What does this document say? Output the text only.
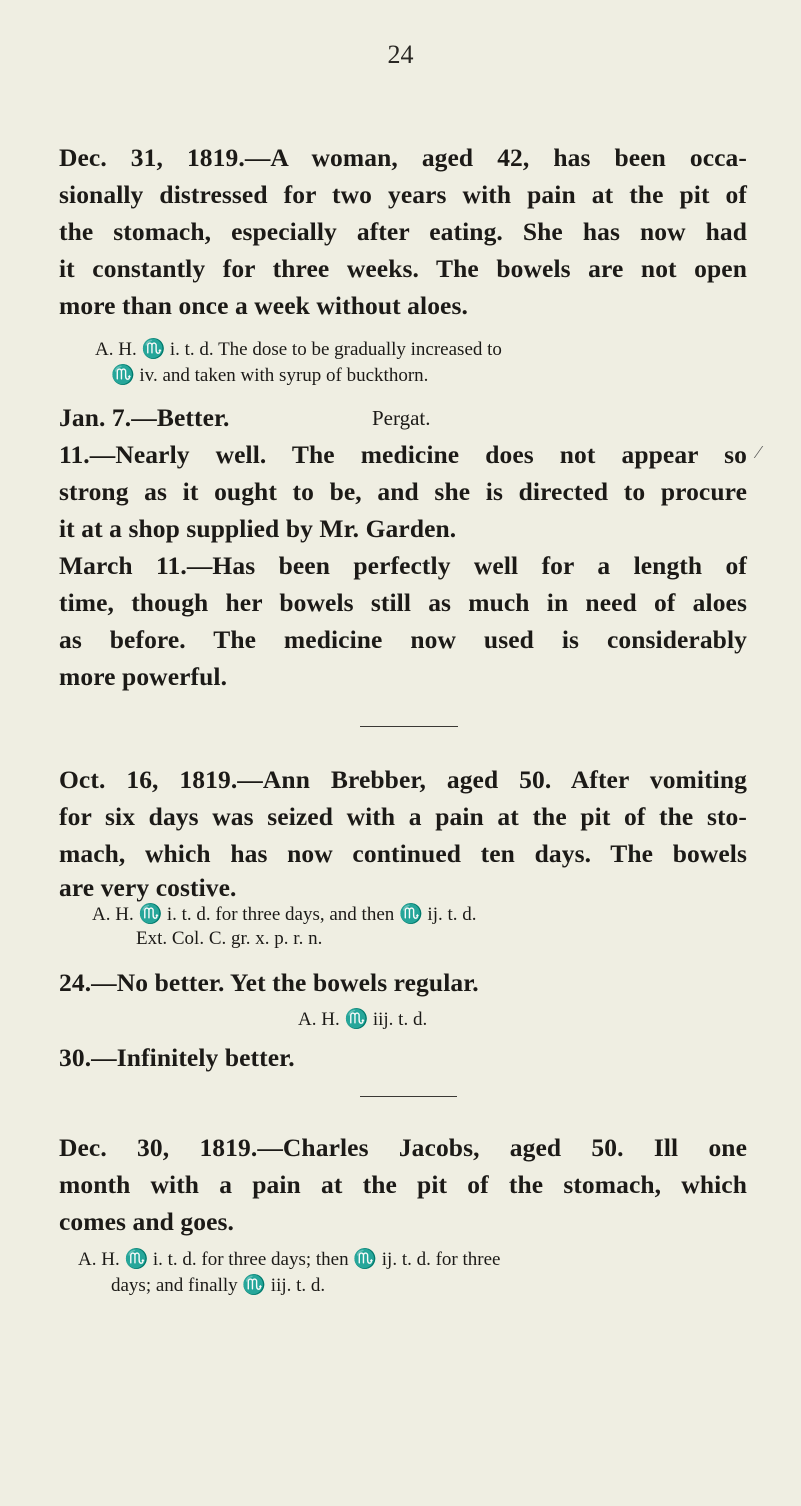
24
Dec. 31, 1819.—A woman, aged 42, has been occa-
sionally distressed for two years with pain at the pit of
the stomach, especially after eating. She has now had
it constantly for three weeks. The bowels are not open
more than once a week without aloes.
A. H. ♏ i. t. d. The dose to be gradually increased to
♏ iv. and taken with syrup of buckthorn.
Jan. 7.—Better.	Pergat.
11.—Nearly well. The medicine does not appear so
strong as it ought to be, and she is directed to procure
it at a shop supplied by Mr. Garden.
March 11.—Has been perfectly well for a length of
time, though her bowels still as much in need of aloes
as before. The medicine now used is considerably
more powerful.
⁄
Oct. 16, 1819.—Ann Brebber, aged 50. After vomiting
for six days was seized with a pain at the pit of the sto-
mach, which has now continued ten days. The bowels
are very costive.
A. H. ♏ i. t. d. for three days, and then ♏ ij. t. d.
Ext. Col. C. gr. x. p. r. n.
24.—No better. Yet the bowels regular.
A. H. ♏ iij. t. d.
30.—Infinitely better.
Dec. 30, 1819.—Charles Jacobs, aged 50. Ill one
month with a pain at the pit of the stomach, which
comes and goes.
A. H. ♏ i. t. d. for three days; then ♏ ij. t. d. for three
days; and finally ♏ iij. t. d.
